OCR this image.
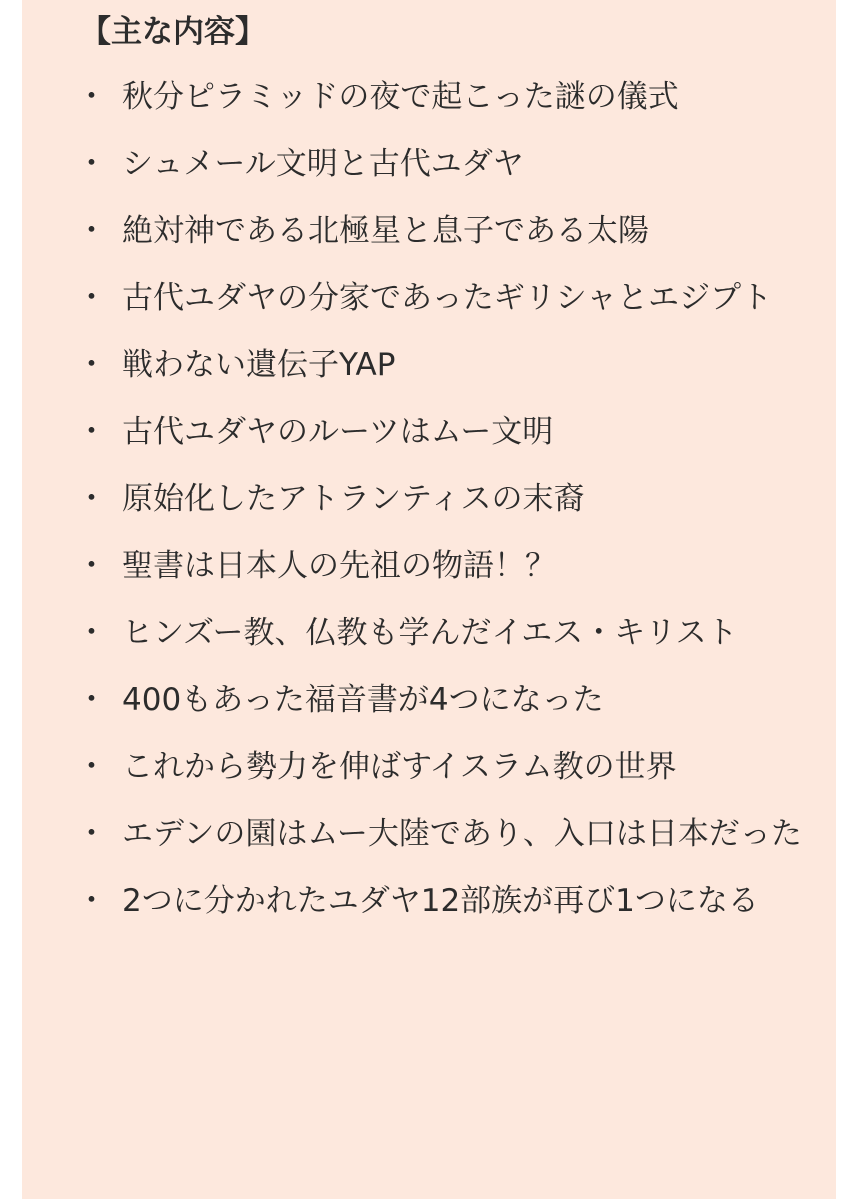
【主な内容】
・ 秋分ピラミッドの夜で起こった謎の儀式
・ シュメール文明と古代ユダヤ
・ 絶対神である北極星と息子である太陽
・ 古代ユダヤの分家であったギリシャとエジプト
・ 戦わない遺伝子YAP
・ 古代ユダヤのルーツはムー文明
・ 原始化したアトランティスの末裔
・ 聖書は日本人の先祖の物語！？
・ ヒンズー教、仏教も学んだイエス・キリスト
・ 400もあった福音書が4つになった
・ これから勢力を伸ばすイスラム教の世界
・ エデンの園はムー大陸であり、入口は日本だった
・ 2つに分かれたユダヤ12部族が再び1つになる
